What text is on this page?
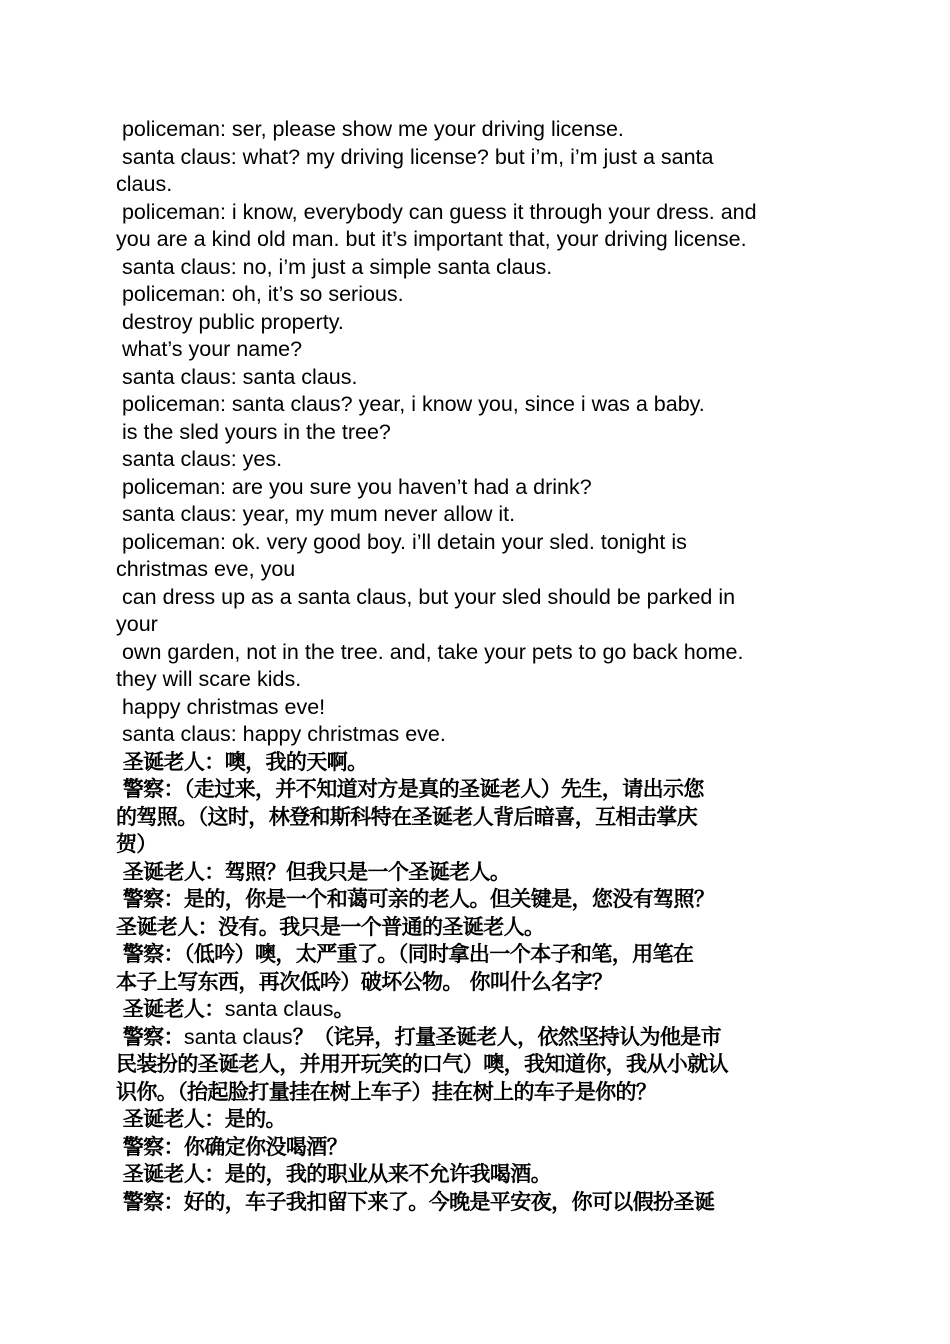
policeman: ser, please show me your driving license.
santa claus: what? my driving license? but i’m, i’m just a santa
claus.
policeman: i know, everybody can guess it through your dress. and
you are a kind old man. but it’s important that, your driving license.
santa claus: no, i’m just a simple santa claus.
policeman: oh, it’s so serious.
destroy public property.
what’s your name?
santa claus: santa claus.
policeman: santa claus? year, i know you, since i was a baby.
is the sled yours in the tree?
santa claus: yes.
policeman: are you sure you haven’t had a drink?
santa claus: year, my mum never allow it.
policeman: ok. very good boy. i’ll detain your sled. tonight is
christmas eve, you
can dress up as a santa claus, but your sled should be parked in
your
own garden, not in the tree. and, take your pets to go back home.
they will scare kids.
happy christmas eve!
santa claus: happy christmas eve.
圣诞老人：噢，我的天啊。
警察：（走过来，并不知道对方是真的圣诞老人）先生，请出示您
的驾照。（这时，林登和斯科特在圣诞老人背后暗喜，互相击掌庆
贺）
圣诞老人：驾照？但我只是一个圣诞老人。
警察：是的，你是一个和蔼可亲的老人。但关键是，您没有驾照？
圣诞老人：没有。我只是一个普通的圣诞老人。
警察：（低吟）噢，太严重了。（同时拿出一个本子和笔，用笔在
本子上写东西，再次低吟）破坏公物。 你叫什么名字？
圣诞老人：santa claus。
警察：santa claus？（诧异，打量圣诞老人，依然坚持认为他是市
民装扮的圣诞老人，并用开玩笑的口气）噢，我知道你，我从小就认
识你。（抬起脸打量挂在树上车子）挂在树上的车子是你的？
圣诞老人：是的。
警察：你确定你没喝酒？
圣诞老人：是的，我的职业从来不允许我喝酒。
警察：好的，车子我扣留下来了。今晚是平安夜，你可以假扮圣诞
